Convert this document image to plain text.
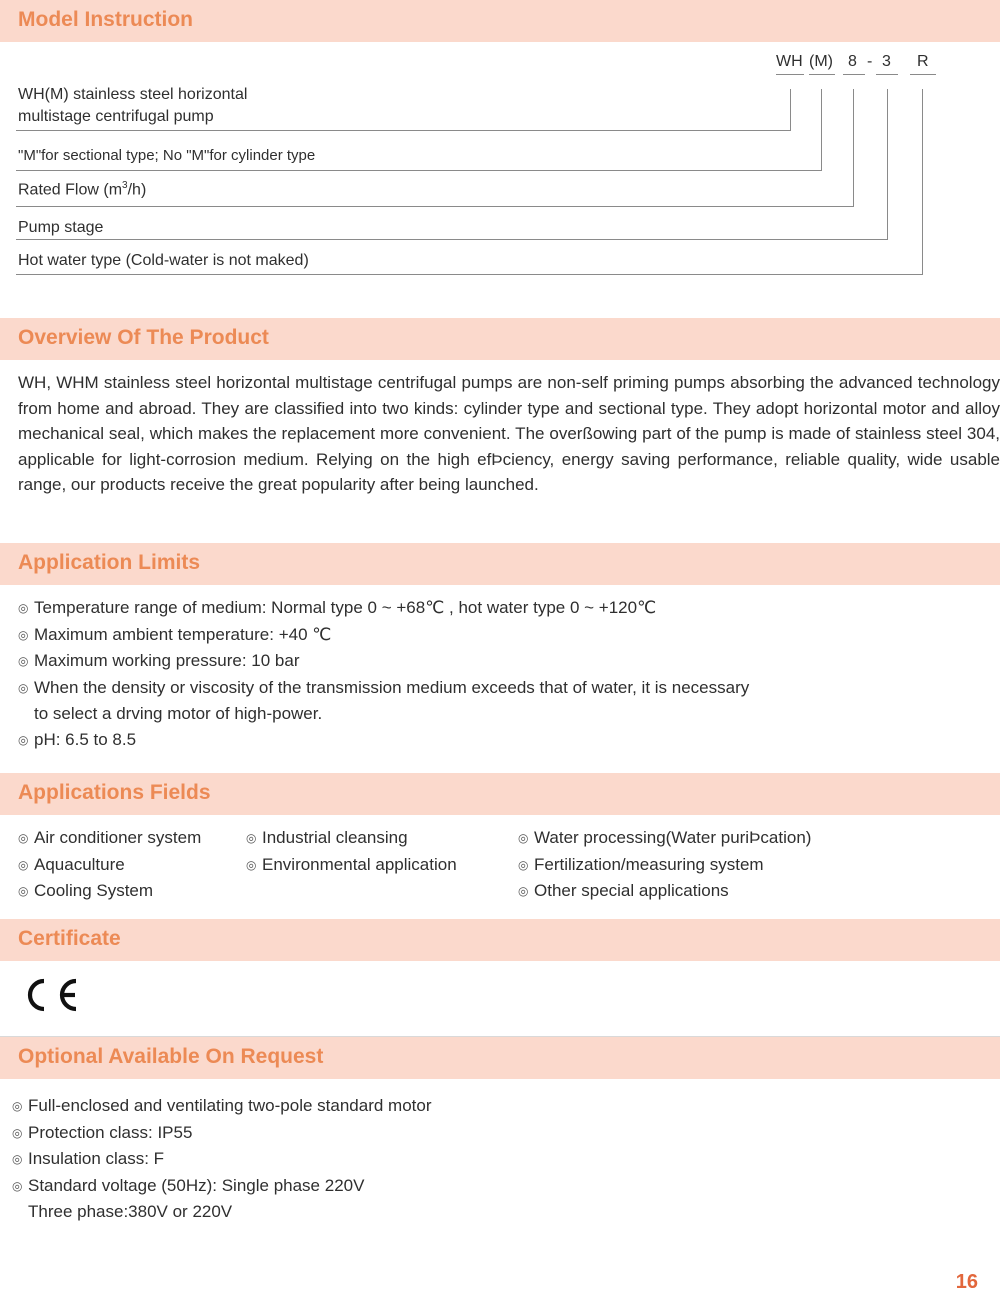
Model Instruction
WH (M) 8 - 3 R
WH(M) stainless steel horizontal
multistage centrifugal pump
"M"for sectional type; No "M"for cylinder type
Rated Flow $(m^3/h)$
Pump stage
Hot water type (Cold-water is not maked)
Overview Of The Product

WH, WHM stainless steel horizontal multistage centrifugal pumps are non-self priming pumps absorbing the advanced technology from home and abroad. They are classified into two kinds: cylinder type and sectional type. They adopt horizontal motor and alloy mechanical seal, which makes the replacement more convenient. The overßowing part of the pump is made of stainless steel 304, applicable for light-corrosion medium. Relying on the high efÞciency, energy saving performance, reliable quality, wide usable range, our products receive the great popularity after being launched.

Application Limits
◎ Temperature range of medium: Normal type 0 ~ +68℃ , hot water type 0 ~ +120℃
◎ Maximum ambient temperature: +40 ℃
◎ Maximum working pressure: 10 bar
◎ When the density or viscosity of the transmission medium exceeds that of water, it is necessary
to select a drving motor of high-power.
◎ pH: 6.5 to 8.5
Applications Fields
◎ Air conditioner system
◎ Aquaculture
◎ Cooling System
◎ Industrial cleansing
◎ Environmental application
◎ Water processing(Water puriÞcation)
◎ Fertilization/measuring system
◎ Other special applications
Certificate
Optional Available On Request
◎ Full-enclosed and ventilating two-pole standard motor
◎ Protection class: IP55
◎ Insulation class: F
◎ Standard voltage (50Hz): Single phase 220V
Three phase:380V or 220V
16
